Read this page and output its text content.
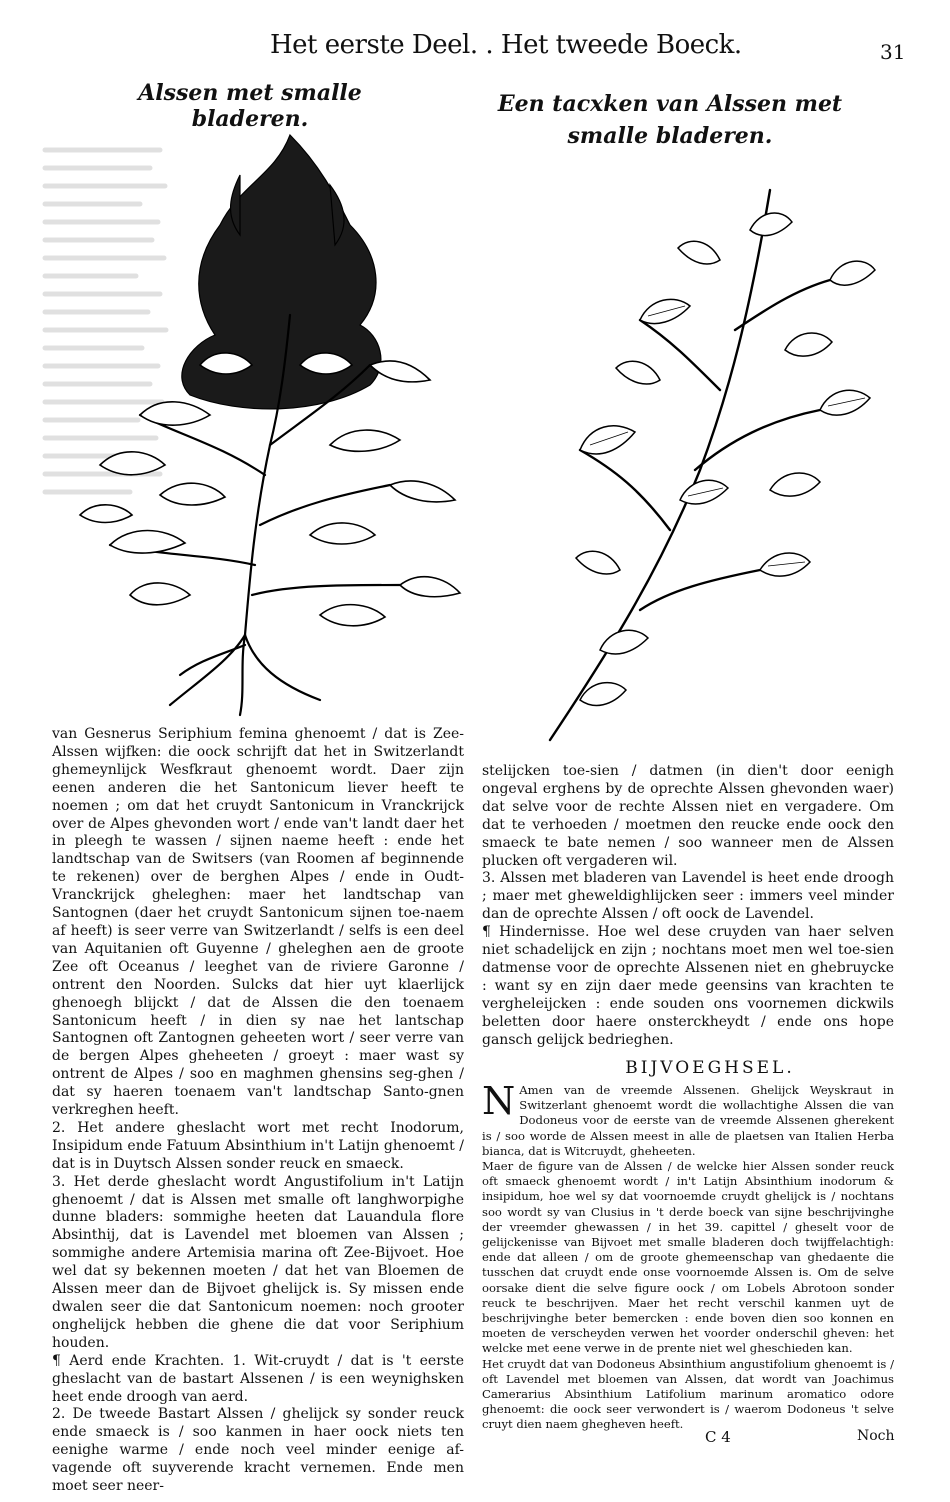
Het eerste Deel. . Het tweede Boeck.	31
Alssen met smalle bladeren.
Een tacxken van Alssen met smalle bladeren.

van Gesnerus Seriphium femina ghenoemt / dat is Zee-Alssen wijfken: die oock schrijft dat het in Switzerlandt ghemeynlijck Wesfkraut ghenoemt wordt. Daer zijn eenen anderen die het Santonicum liever heeft te noemen ; om dat het cruydt Santonicum in Vranckrijck over de Alpes ghevonden wort / ende van't landt daer het in pleegh te wassen / sijnen naeme heeft : ende het landtschap van de Switsers (van Roomen af beginnende te rekenen) over de berghen Alpes / ende in Oudt-Vranckrijck gheleghen: maer het landtschap van Santognen (daer het cruydt Santonicum sijnen toe-naem af heeft) is seer verre van Switzerlandt / selfs is een deel van Aquitanien oft Guyenne / gheleghen aen de groote Zee oft Oceanus / leeghet van de riviere Garonne / ontrent den Noorden. Sulcks dat hier uyt klaerlijck ghenoegh blijckt / dat de Alssen die den toenaem Santonicum heeft / in dien sy nae het lantschap Santognen oft Zantognen geheeten wort / seer verre van de bergen Alpes gheheeten / groeyt : maer wast sy ontrent de Alpes / soo en maghmen ghensins seg-ghen / dat sy haeren toenaem van't landtschap Santo-gnen verkreghen heeft.

2. Het andere gheslacht wort met recht Inodorum, Insipidum ende Fatuum Absinthium in't Latijn ghenoemt / dat is in Duytsch Alssen sonder reuck en smaeck.

3. Het derde gheslacht wordt Angustifolium in't Latijn ghenoemt / dat is Alssen met smalle oft langhworpighe dunne bladers: sommighe heeten dat Lauandula flore Absinthij, dat is Lavendel met bloemen van Alssen ; sommighe andere Artemisia marina oft Zee-Bijvoet. Hoe wel dat sy bekennen moeten / dat het van Bloemen de Alssen meer dan de Bijvoet ghelijck is. Sy missen ende dwalen seer die dat Santonicum noemen: noch grooter onghelijck hebben die ghene die dat voor Seriphium houden.

¶ Aerd ende Krachten. 1. Wit-cruydt / dat is 't eerste gheslacht van de bastart Alssenen / is een weynighsken heet ende droogh van aerd.

2. De tweede Bastart Alssen / ghelijck sy sonder reuck ende smaeck is / soo kanmen in haer oock niets ten eenighe warme / ende noch veel minder eenige af-vagende oft suyverende kracht vernemen. Ende men moet seer neer-

stelijcken toe-sien / datmen (in dien't door eenigh ongeval erghens by de oprechte Alssen ghevonden waer) dat selve voor de rechte Alssen niet en vergadere. Om dat te verhoeden / moetmen den reucke ende oock den smaeck te bate nemen / soo wanneer men de Alssen plucken oft vergaderen wil.

3. Alssen met bladeren van Lavendel is heet ende droogh ; maer met gheweldighlijcken seer : immers veel minder dan de oprechte Alssen / oft oock de Lavendel.

¶ Hindernisse. Hoe wel dese cruyden van haer selven niet schadelijck en zijn ; nochtans moet men wel toe-sien datmense voor de oprechte Alssenen niet en ghebruycke : want sy en zijn daer mede geensins van krachten te vergheleijcken : ende souden ons voornemen dickwils beletten door haere onsterckheydt / ende ons hope gansch gelijck bedrieghen.

BIJVOEGHSEL.

N Amen van de vreemde Alssenen. Ghelijck Weyskraut in Switzerlant ghenoemt wordt die wollachtighe Alssen die van Dodoneus voor de eerste van de vreemde Alssenen gherekent is / soo worde de Alssen meest in alle de plaetsen van Italien Herba bianca, dat is Witcruydt, gheheeten.

Maer de figure van de Alssen / de welcke hier Alssen sonder reuck oft smaeck ghenoemt wordt / in't Latijn Absinthium inodorum & insipidum, hoe wel sy dat voornoemde cruydt ghelijck is / nochtans soo wordt sy van Clusius in 't derde boeck van sijne beschrijvinghe der vreemder ghewassen / in het 39. capittel / gheselt voor de gelijckenisse van Bijvoet met smalle bladeren doch twijffelachtigh: ende dat alleen / om de groote ghemeenschap van ghedaente die tusschen dat cruydt ende onse voornoemde Alssen is. Om de selve oorsake dient die selve figure oock / om Lobels Abrotoon sonder reuck te beschrijven. Maer het recht verschil kanmen uyt de beschrijvinghe beter bemercken : ende boven dien soo konnen en moeten de verscheyden verwen het voorder onderschil gheven: het welcke met eene verwe in de prente niet wel gheschieden kan.

Het cruydt dat van Dodoneus Absinthium angustifolium ghenoemt is / oft Lavendel met bloemen van Alssen, dat wordt van Joachimus Camerarius Absinthium Latifolium marinum aromatico odore ghenoemt: die oock seer verwondert is / waerom Dodoneus 't selve cruyt dien naem ghegheven heeft.

C 4	Noch
